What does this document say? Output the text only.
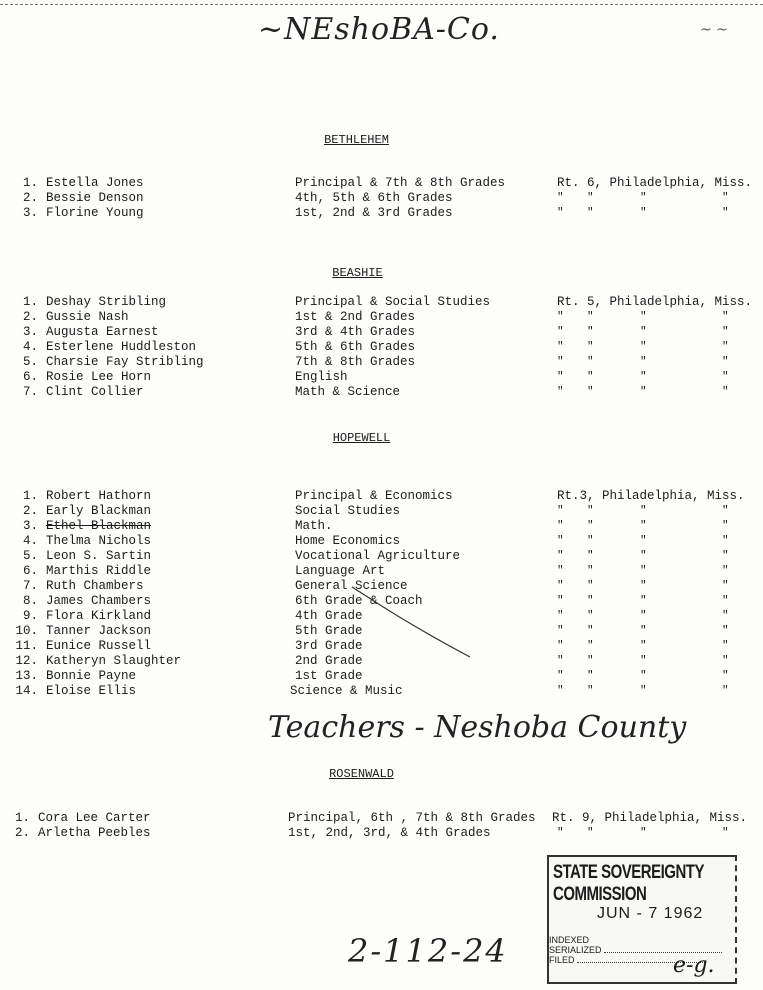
~NEshoBA-Co.	~ ~
BETHLEHEM
1. Estella Jones	Principal & 7th & 8th Grades	Rt. 6, Philadelphia, Miss.
2. Bessie Denson	4th, 5th & 6th Grades	" "	"	"
3. Florine Young	1st, 2nd & 3rd Grades	" "	"	"
BEASHIE
1. Deshay Stribling	Principal & Social Studies	Rt. 5, Philadelphia, Miss.
2. Gussie Nash	1st & 2nd Grades	" "	"	"
3. Augusta Earnest	3rd & 4th Grades	" "	"	"
4. Esterlene Huddleston	5th & 6th Grades	" "	"	"
5. Charsie Fay Stribling	7th & 8th Grades	" "	"	"
6. Rosie Lee Horn	English	" "	"	"
7. Clint Collier	Math & Science	" "	"	"
HOPEWELL
1. Robert Hathorn	Principal & Economics	Rt.3, Philadelphia, Miss.
2. Early Blackman	Social Studies	" "	"	"
3. Ethel Blackman	Math.	" "	"	"
4. Thelma Nichols	Home Economics	" "	"	"
5. Leon S. Sartin	Vocational Agriculture	" "	"	"
6. Marthis Riddle	Language Art	" "	"	"
7. Ruth Chambers	General Science	" "	"	"
8. James Chambers	6th Grade & Coach	" "	"	"
9. Flora Kirkland	4th Grade	" "	"	"
10. Tanner Jackson	5th Grade	" "	"	"
11. Eunice Russell	3rd Grade	" "	"	"
12. Katheryn Slaughter	2nd Grade	" "	"	"
13. Bonnie Payne	1st Grade	" "	"	"
14. Eloise Ellis	Science & Music	" "	"	"
Teachers - Neshoba County
ROSENWALD
1. Cora Lee Carter	Principal, 6th , 7th & 8th Grades Rt. 9, Philadelphia, Miss.
2. Arletha Peebles	1st, 2nd, 3rd, & 4th Grades	" "	"	"
STATE SOVEREIGNTY COMMISSION
JUN - 7 1962
INDEXED
SERIALIZED
FILED	e-g.
2-112-24
